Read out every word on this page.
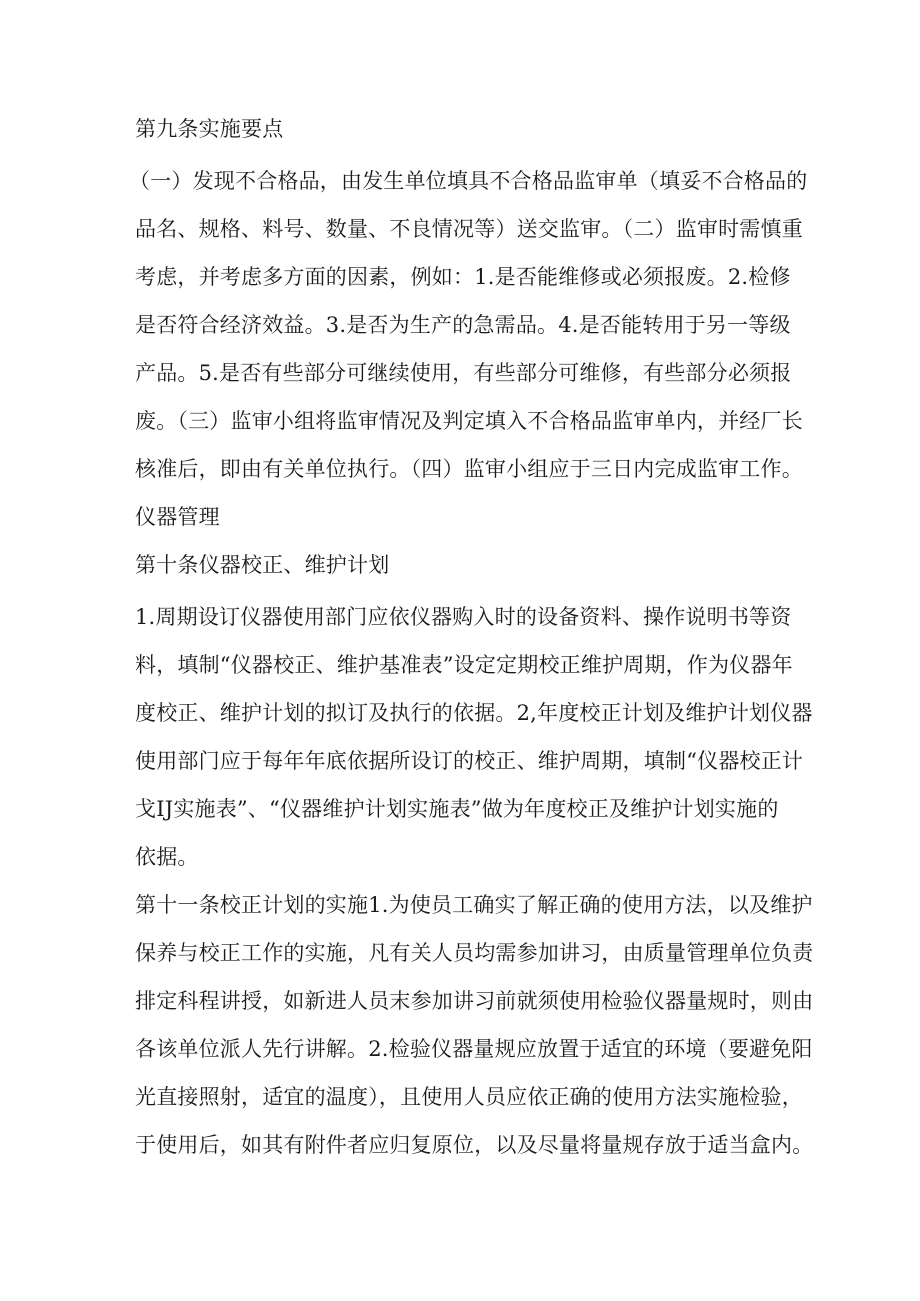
第九条实施要点
（一）发现不合格品，由发生单位填具不合格品监审单（填妥不合格品的
品名、规格、料号、数量、不良情况等）送交监审。（二）监审时需慎重
考虑，并考虑多方面的因素，例如：1.是否能维修或必须报废。2.检修
是否符合经济效益。3.是否为生产的急需品。4.是否能转用于另一等级
产品。5.是否有些部分可继续使用，有些部分可维修，有些部分必须报
废。（三）监审小组将监审情况及判定填入不合格品监审单内，并经厂长
核准后，即由有关单位执行。（四）监审小组应于三日内完成监审工作。
仪器管理
第十条仪器校正、维护计划
1.周期设订仪器使用部门应依仪器购入时的设备资料、操作说明书等资
料，填制“仪器校正、维护基准表”设定定期校正维护周期，作为仪器年
度校正、维护计划的拟订及执行的依据。2,年度校正计划及维护计划仪器
使用部门应于每年年底依据所设订的校正、维护周期，填制“仪器校正计
戈IJ实施表”、“仪器维护计划实施表”做为年度校正及维护计划实施的
依据。
第十一条校正计划的实施1.为使员工确实了解正确的使用方法，以及维护
保养与校正工作的实施，凡有关人员均需参加讲习，由质量管理单位负责
排定科程讲授，如新进人员末参加讲习前就须使用检验仪器量规时，则由
各该单位派人先行讲解。2.检验仪器量规应放置于适宜的环境（要避免阳
光直接照射，适宜的温度），且使用人员应依正确的使用方法实施检验，
于使用后，如其有附件者应归复原位，以及尽量将量规存放于适当盒内。
